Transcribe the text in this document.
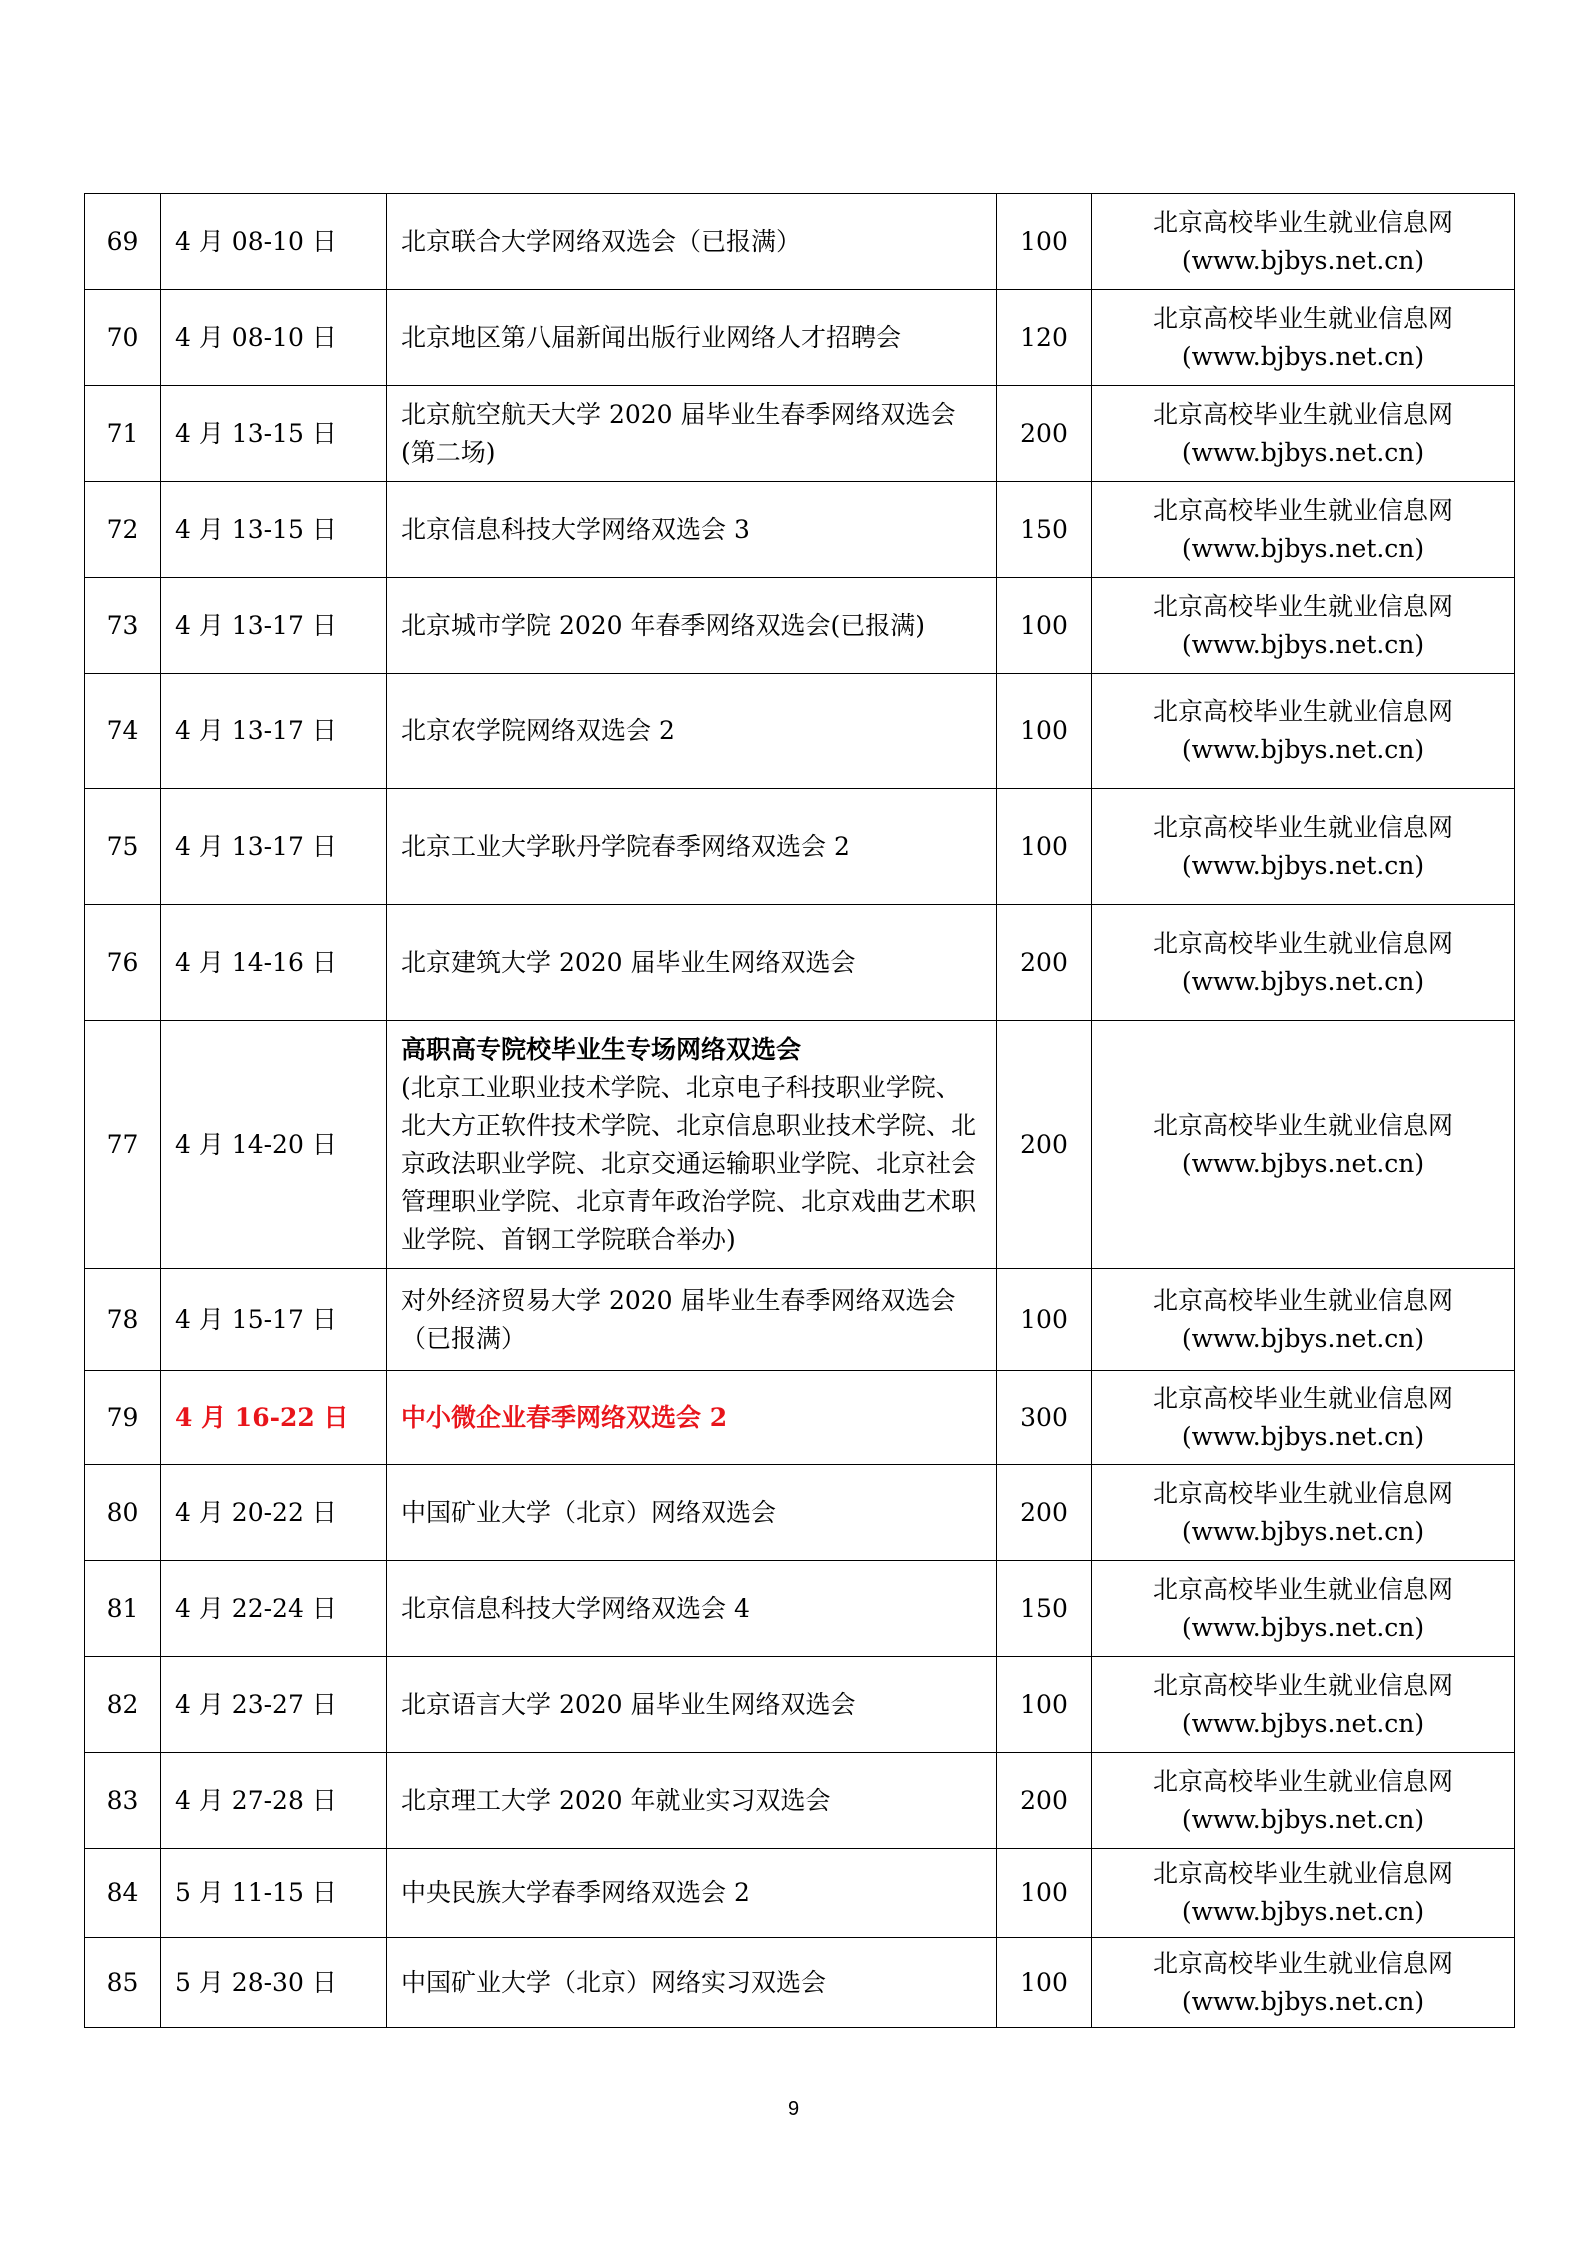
69	4 月 08-10 日	北京联合大学网络双选会（已报满）	100	北京高校毕业生就业信息网
(www.bjbys.net.cn)

70	4 月 08-10 日	北京地区第八届新闻出版行业网络人才招聘会	120	北京高校毕业生就业信息网
(www.bjbys.net.cn)

71	4 月 13-15 日	北京航空航天大学 2020 届毕业生春季网络双选会(第二场)	200	北京高校毕业生就业信息网
(www.bjbys.net.cn)

72	4 月 13-15 日	北京信息科技大学网络双选会 3	150	北京高校毕业生就业信息网
(www.bjbys.net.cn)

73	4 月 13-17 日	北京城市学院 2020 年春季网络双选会(已报满)	100	北京高校毕业生就业信息网
(www.bjbys.net.cn)

74	4 月 13-17 日	北京农学院网络双选会 2	100	北京高校毕业生就业信息网
(www.bjbys.net.cn)

75	4 月 13-17 日	北京工业大学耿丹学院春季网络双选会 2	100	北京高校毕业生就业信息网
(www.bjbys.net.cn)

76	4 月 14-16 日	北京建筑大学 2020 届毕业生网络双选会	200	北京高校毕业生就业信息网
(www.bjbys.net.cn)

77	4 月 14-20 日	高职高专院校毕业生专场网络双选会
(北京工业职业技术学院、北京电子科技职业学院、北大方正软件技术学院、北京信息职业技术学院、北京政法职业学院、北京交通运输职业学院、北京社会管理职业学院、北京青年政治学院、北京戏曲艺术职业学院、首钢工学院联合举办)	200	北京高校毕业生就业信息网
(www.bjbys.net.cn)

78	4 月 15-17 日	对外经济贸易大学 2020 届毕业生春季网络双选会（已报满）	100	北京高校毕业生就业信息网
(www.bjbys.net.cn)

79	4 月 16-22 日	中小微企业春季网络双选会 2	300	北京高校毕业生就业信息网
(www.bjbys.net.cn)

80	4 月 20-22 日	中国矿业大学（北京）网络双选会	200	北京高校毕业生就业信息网
(www.bjbys.net.cn)

81	4 月 22-24 日	北京信息科技大学网络双选会 4	150	北京高校毕业生就业信息网
(www.bjbys.net.cn)

82	4 月 23-27 日	北京语言大学 2020 届毕业生网络双选会	100	北京高校毕业生就业信息网
(www.bjbys.net.cn)

83	4 月 27-28 日	北京理工大学 2020 年就业实习双选会	200	北京高校毕业生就业信息网
(www.bjbys.net.cn)

84	5 月 11-15 日	中央民族大学春季网络双选会 2	100	北京高校毕业生就业信息网
(www.bjbys.net.cn)

85	5 月 28-30 日	中国矿业大学（北京）网络实习双选会	100	北京高校毕业生就业信息网
(www.bjbys.net.cn)
9
